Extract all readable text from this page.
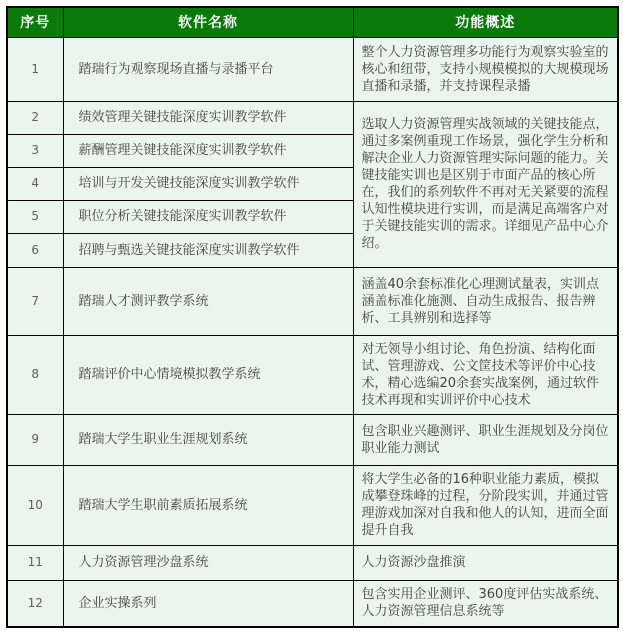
序号	软件名称	功能概述
1	踏瑞行为观察现场直播与录播平台	整个人力资源管理多功能行为观察实验室的核心和纽带，支持小规模模拟的大规模现场直播和录播，并支持课程录播
2	绩效管理关键技能深度实训教学软件	选取人力资源管理实战领域的关键技能点，通过多案例重现工作场景，强化学生分析和解决企业人力资源管理实际问题的能力。关键技能实训也是区别于市面产品的核心所在，我们的系列软件不再对无关紧要的流程认知性模块进行实训，而是满足高端客户对于关键技能实训的需求。详细见产品中心介绍。
3	薪酬管理关键技能深度实训教学软件	
4	培训与开发关键技能深度实训教学软件	
5	职位分析关键技能深度实训教学软件	
6	招聘与甄选关键技能深度实训教学软件	
7	踏瑞人才测评教学系统	涵盖40余套标准化心理测试量表，实训点涵盖标准化施测、自动生成报告、报告辨析、工具辨别和选择等
8	踏瑞评价中心情境模拟教学系统	对无领导小组讨论、角色扮演、结构化面试、管理游戏、公文筐技术等评价中心技术，精心选编20余套实战案例，通过软件技术再现和实训评价中心技术
9	踏瑞大学生职业生涯规划系统	包含职业兴趣测评、职业生涯规划及分岗位职业能力测试
10	踏瑞大学生职前素质拓展系统	将大学生必备的16种职业能力素质，模拟成攀登珠峰的过程，分阶段实训，并通过管理游戏加深对自我和他人的认知，进而全面提升自我
11	人力资源管理沙盘系统	人力资源沙盘推演
12	企业实操系列	包含实用企业测评、360度评估实战系统、人力资源管理信息系统等
